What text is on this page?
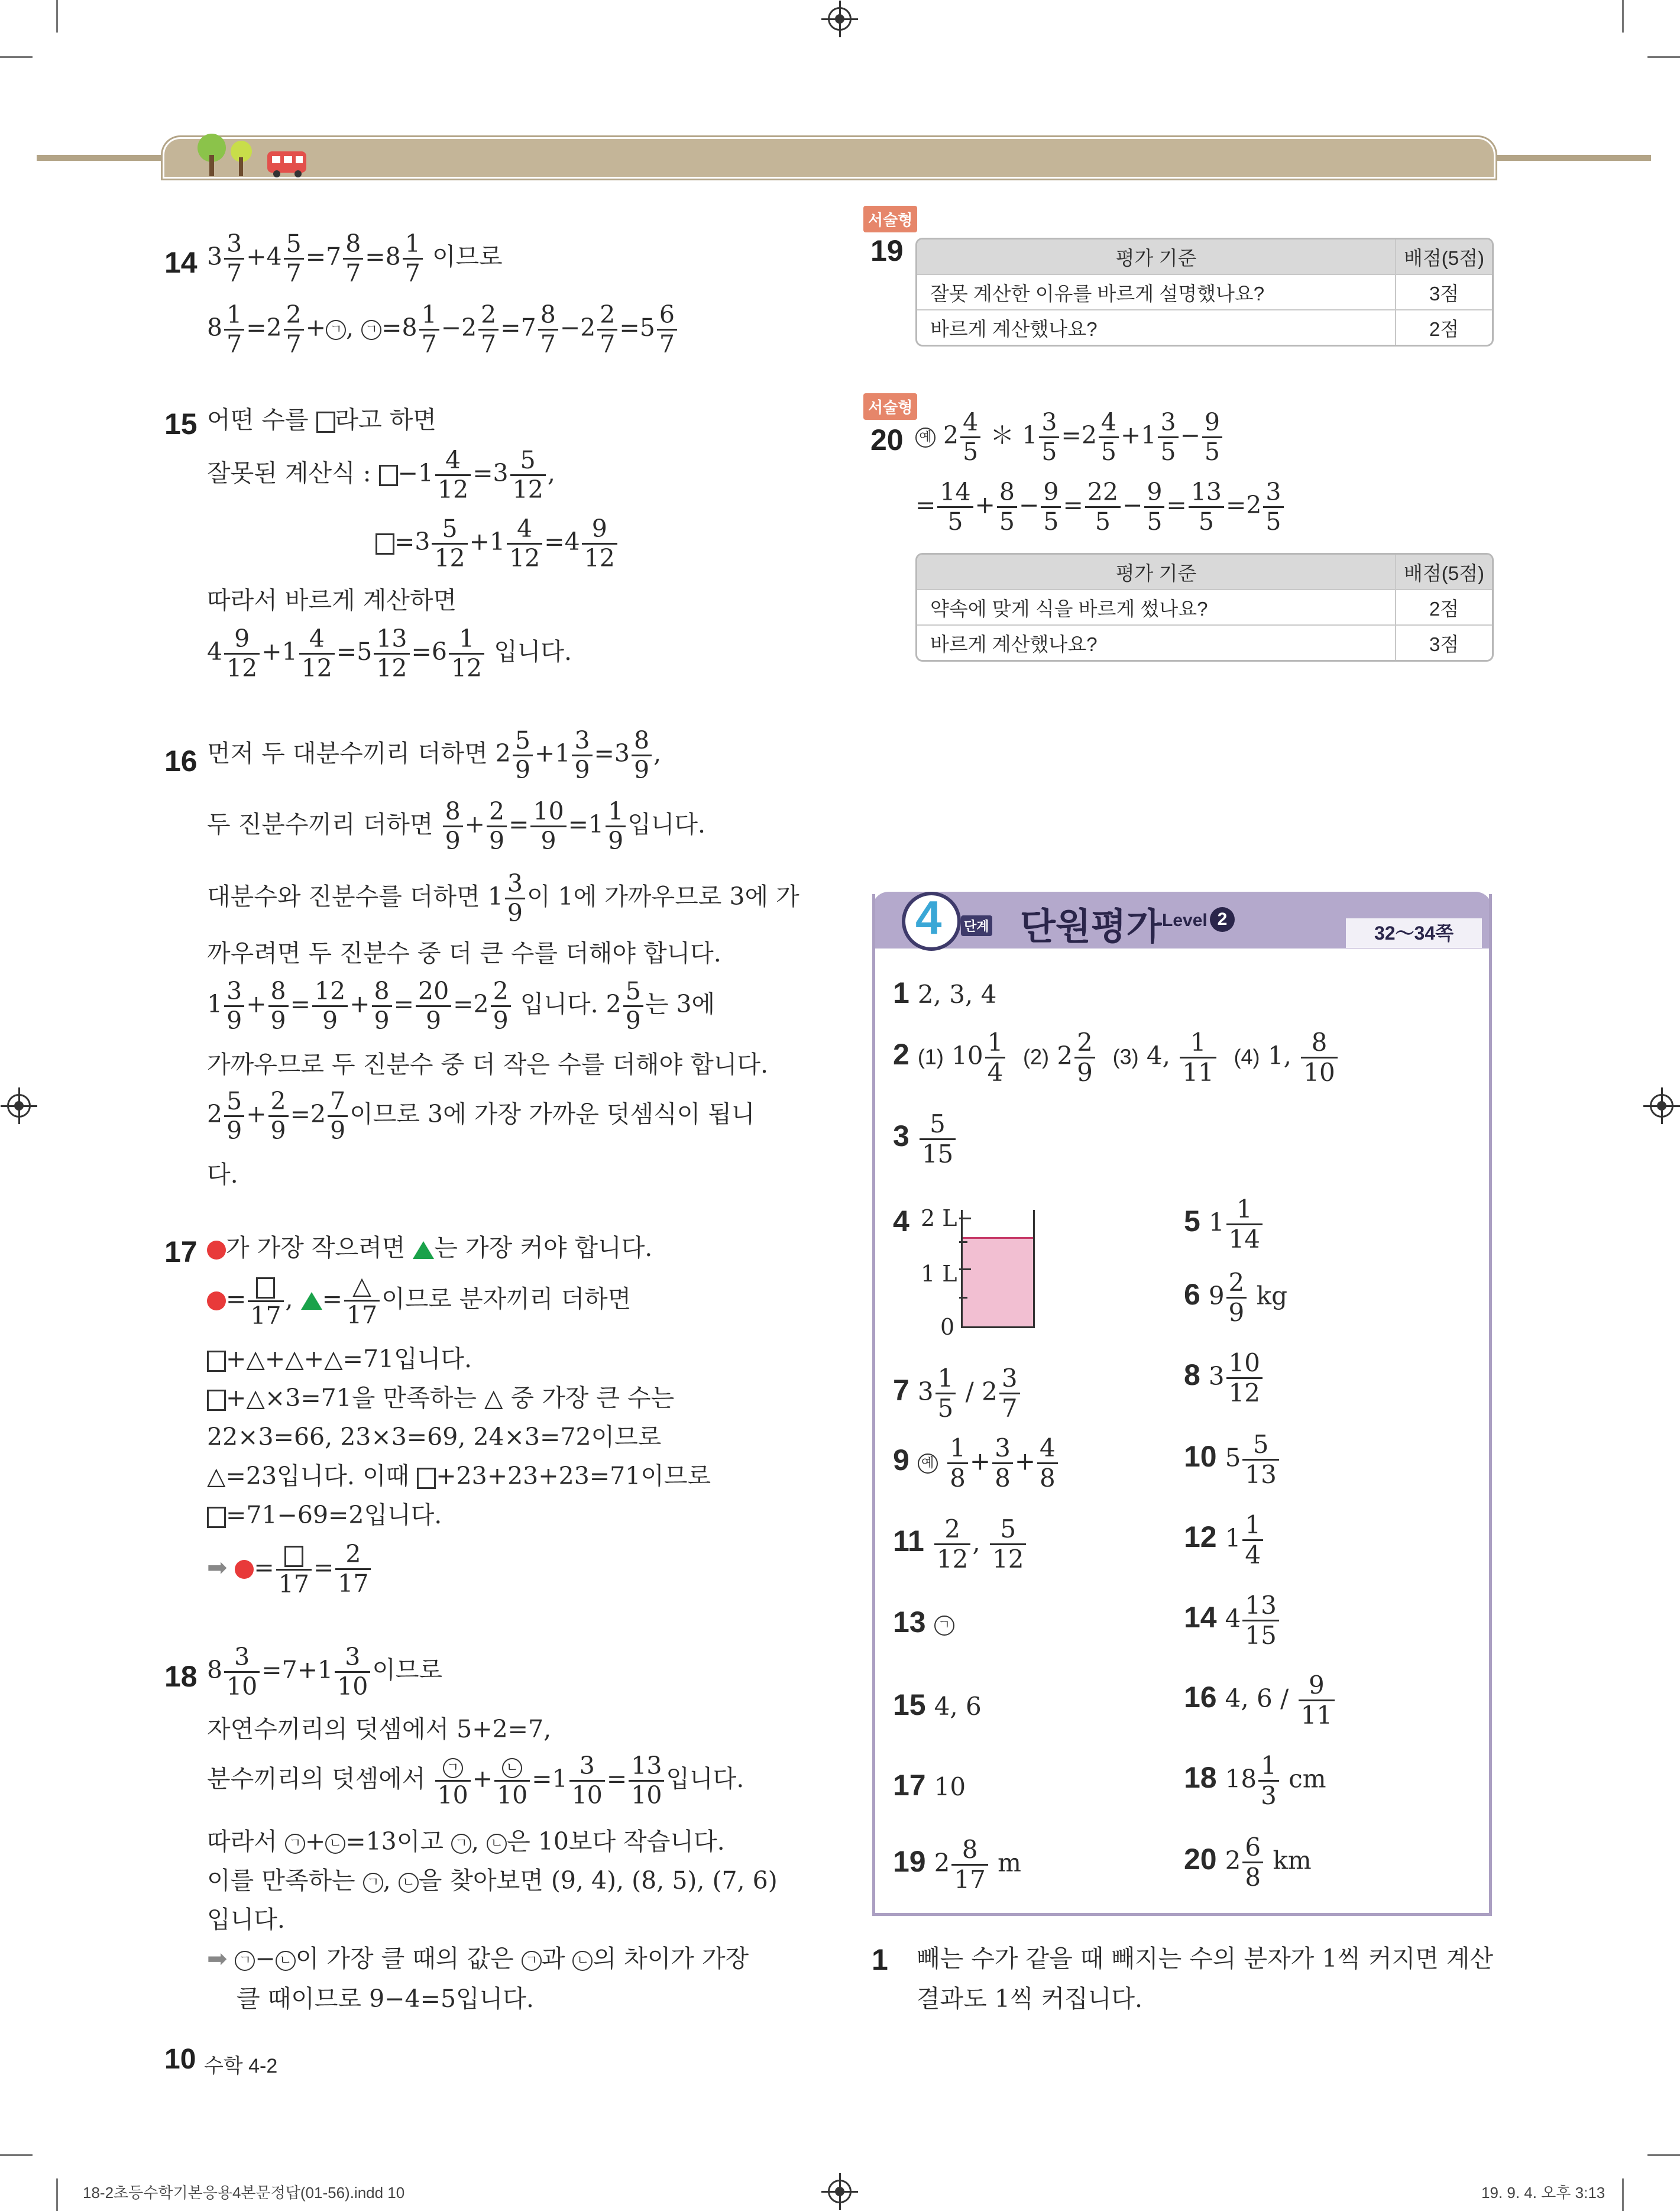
14 $3 \frac{3}{7} +4 \frac{5}{7} =7 \frac{8}{7} =8 \frac{1}{7}$ 이므로
$8 \frac{1}{7} =2 \frac{2}{7}$ + ㄱ , ㄱ $=8 \frac{1}{7} -2 \frac{2}{7} =7 \frac{8}{7} -2 \frac{2}{7} =5 \frac{6}{7}$
15 어떤 수를 라고 하면
잘못된 계산식 : $-1 \frac{4}{12} =3 \frac{5}{12}$ ,
$=3 \frac{5}{12} +1 \frac{4}{12} =4 \frac{9}{12}$
따라서 바르게 계산하면
$4 \frac{9}{12} +1 \frac{4}{12} =5 \frac{13}{12} =6 \frac{1}{12}$ 입니다.
16 먼저 두 대분수끼리 더하면 $2 \frac{5}{9} +1 \frac{3}{9} =3 \frac{8}{9}$ ,
두 진분수끼리 더하면 $\frac{8}{9} + \frac{2}{9} = \frac{10}{9} =1 \frac{1}{9}$ 입니다.
대분수와 진분수를 더하면 $1 \frac{3}{9}$ 이 1에 가까우므로 3에 가
까우려면 두 진분수 중 더 큰 수를 더해야 합니다.
$1 \frac{3}{9} + \frac{8}{9} = \frac{12}{9} + \frac{8}{9} = \frac{20}{9} =2 \frac{2}{9}$ 입니다. $2 \frac{5}{9}$ 는 3에
가까우므로 두 진분수 중 더 작은 수를 더해야 합니다.
$2 \frac{5}{9} + \frac{2}{9} =2 \frac{7}{9}$ 이므로 3에 가장 가까운 덧셈식이 됩니
다.
17	가 가장 작으려면 는 가장 커야 합니다.
=
17
, = $\frac{\triangle}{17}$ 이므로 분자끼리 더하면
+△+△+△=71입니다.
+△×3=71을 만족하는 △ 중 가장 큰 수는
22×3=66, 23×3=69, 24×3=72이므로
△=23입니다. 이때 +23+23+23=71이므로
=71−69=2입니다.
➡ =
17
= $\frac{2}{17}$
18 $8 \frac{3}{10} =7+1 \frac{3}{10}$ 이므로
자연수끼리의 덧셈에서 5+2=7,
분수끼리의 덧셈에서 $\frac{\text{ㄱ}}{10} + \frac{\text{ㄴ}}{10} =1 \frac{3}{10} = \frac{13}{10}$ 입니다.
따라서 ㄱ + ㄴ =13이고 ㄱ , ㄴ 은 10보다 작습니다.
이를 만족하는 ㄱ , ㄴ 을 찾아보면 (9, 4), (8, 5), (7, 6)
입니다.
➡ ㄱ − ㄴ 이 가장 클 때의 값은 ㄱ 과 ㄴ 의 차이가 가장
클 때이므로 9−4=5입니다.
10 수학 4-2
18-2초등수학기본응용4본문정답(01-56).indd 10	19. 9. 4. 오후 3:13
서술형
19	평가 기준	배점(5점)
잘못 계산한 이유를 바르게 설명했나요?	3점
바르게 계산했나요?	2점
서술형
20 예 $2 \frac{4}{5}$ ＊ $1 \frac{3}{5} =2 \frac{4}{5} +1 \frac{3}{5} - \frac{9}{5}$
= $\frac{14}{5} + \frac{8}{5} - \frac{9}{5} = \frac{22}{5} - \frac{9}{5} = \frac{13}{5} =2 \frac{3}{5}$
평가 기준	배점(5점)
약속에 맞게 식을 바르게 썼나요?	2점
바르게 계산했나요?	3점
4 단계 단원평가 Level 2
32～34쪽
1 2, 3, 4
2 (1) $10 \frac{1}{4} (2)$ $2 \frac{2}{9} (3)$ 4, $\frac{1}{11} (4)$ 1, $\frac{8}{10}$
$3 \frac{5}{15}$
4 2 L
1 L
0
7 $3 \frac{1}{5} / 2 \frac{3}{7}$
9 예 $\frac{1}{8} + \frac{3}{8} + \frac{4}{8}$
$11 \frac{2}{12}$ , $\frac{5}{12}$
13 ㄱ
15 4, 6
17 10
19 $2 \frac{8}{17}$ m
5 $1 \frac{1}{14}$
6 $9 \frac{2}{9}$ kg
8 $3 \frac{10}{12}$
10 $5 \frac{5}{13}$
12 $1 \frac{1}{4}$
14 $4 \frac{13}{15}$
16 4, $6 / \frac{9}{11}$
18 $18 \frac{1}{3}$ cm
20 $2 \frac{6}{8}$ km
1 빼는 수가 같을 때 빼지는 수의 분자가 1씩 커지면 계산
결과도 1씩 커집니다.
